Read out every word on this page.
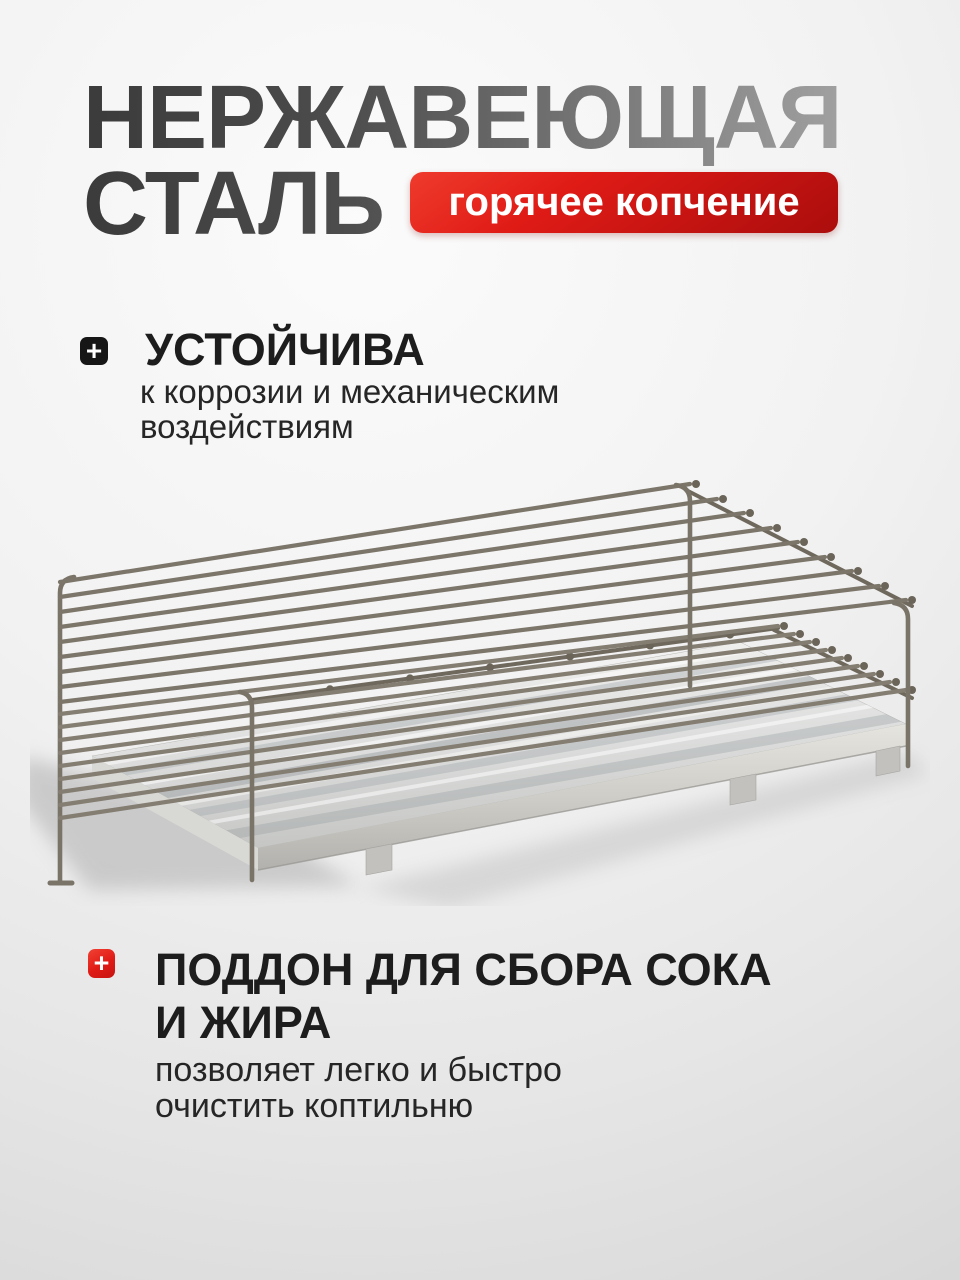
НЕРЖАВЕЮЩАЯ
СТАЛЬ	горячее копчение
+ УСТОЙЧИВА
к коррозии и механическим
воздействиям
+ ПОДДОН ДЛЯ СБОРА СОКА
И ЖИРА
позволяет легко и быстро
очистить коптильню
